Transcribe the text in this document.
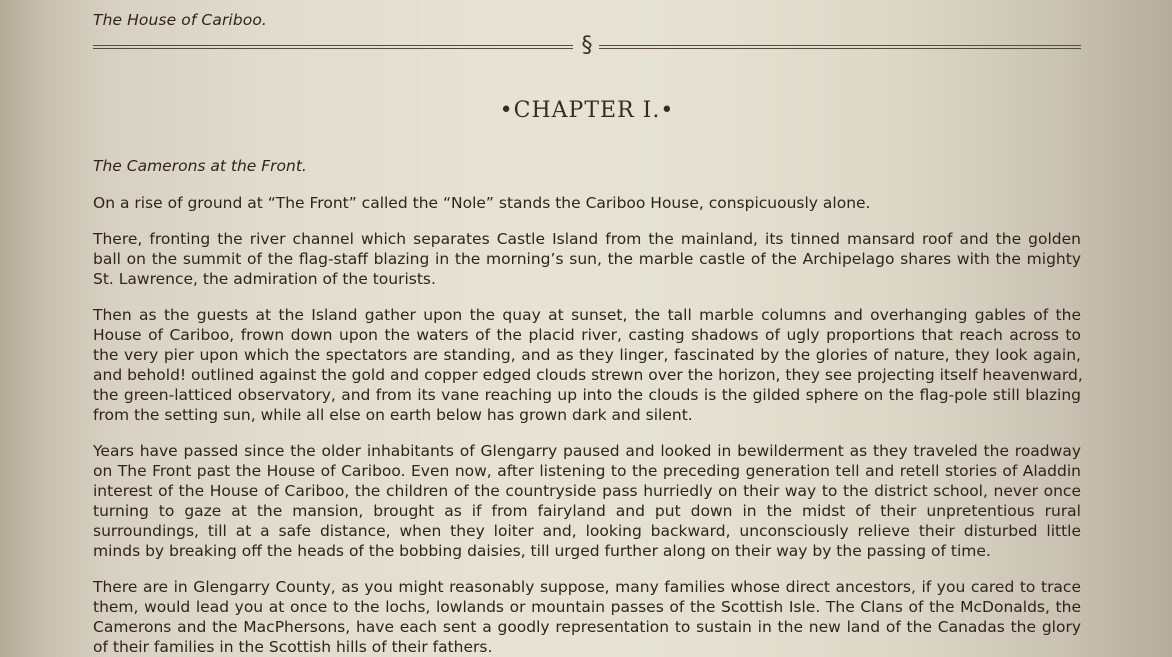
The House of Cariboo.
§
•CHAPTER I.•
The Camerons at the Front.
On a rise of ground at “The Front” called the “Nole” stands the Cariboo House, conspicuously alone.
There, fronting the river channel which separates Castle Island from the mainland, its tinned mansard roof and the golden
ball on the summit of the flag-staff blazing in the morning’s sun, the marble castle of the Archipelago shares with the mighty
St. Lawrence, the admiration of the tourists.
Then as the guests at the Island gather upon the quay at sunset, the tall marble columns and overhanging gables of the
House of Cariboo, frown down upon the waters of the placid river, casting shadows of ugly proportions that reach across to
the very pier upon which the spectators are standing, and as they linger, fascinated by the glories of nature, they look again,
and behold! outlined against the gold and copper edged clouds strewn over the horizon, they see projecting itself heavenward,
the green-latticed observatory, and from its vane reaching up into the clouds is the gilded sphere on the flag-pole still blazing
from the setting sun, while all else on earth below has grown dark and silent.
Years have passed since the older inhabitants of Glengarry paused and looked in bewilderment as they traveled the roadway
on The Front past the House of Cariboo. Even now, after listening to the preceding generation tell and retell stories of Aladdin
interest of the House of Cariboo, the children of the countryside pass hurriedly on their way to the district school, never once
turning to gaze at the mansion, brought as if from fairyland and put down in the midst of their unpretentious rural
surroundings, till at a safe distance, when they loiter and, looking backward, unconsciously relieve their disturbed little
minds by breaking off the heads of the bobbing daisies, till urged further along on their way by the passing of time.
There are in Glengarry County, as you might reasonably suppose, many families whose direct ancestors, if you cared to trace
them, would lead you at once to the lochs, lowlands or mountain passes of the Scottish Isle. The Clans of the McDonalds, the
Camerons and the MacPhersons, have each sent a goodly representation to sustain in the new land of the Canadas the glory
of their families in the Scottish hills of their fathers.
